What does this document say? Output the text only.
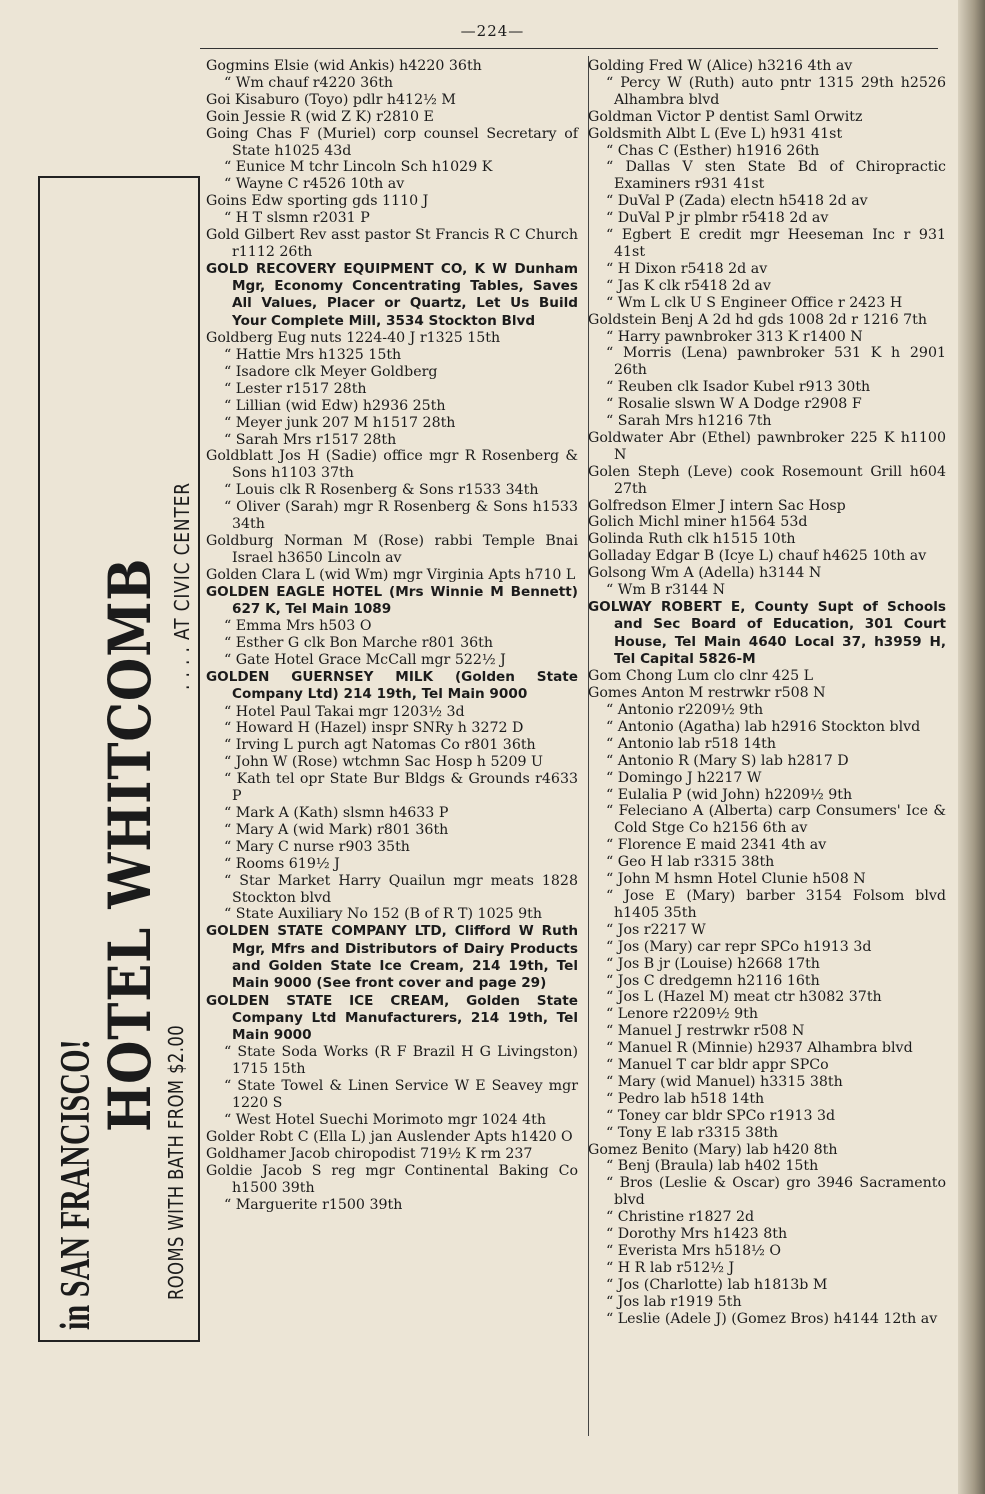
—224—
in SAN FRANCISCO!
HOTEL WHITCOMB
ROOMS WITH BATH FROM $2.00
. . . . AT CIVIC CENTER

Gogmins Elsie (wid Ankis) h4220 36th

“ Wm chauf r4220 36th

Goi Kisaburo (Toyo) pdlr h412½ M

Goin Jessie R (wid Z K) r2810 E

Going Chas F (Muriel) corp counsel Secretary of State h1025 43d

“ Eunice M tchr Lincoln Sch h1029 K

“ Wayne C r4526 10th av

Goins Edw sporting gds 1110 J

“ H T slsmn r2031 P

Gold Gilbert Rev asst pastor St Francis R C Church r1112 26th

GOLD RECOVERY EQUIPMENT CO, K W Dunham Mgr, Economy Concentrating Tables, Saves All Values, Placer or Quartz, Let Us Build Your Complete Mill, 3534 Stockton Blvd

Goldberg Eug nuts 1224-40 J r1325 15th

“ Hattie Mrs h1325 15th

“ Isadore clk Meyer Goldberg

“ Lester r1517 28th

“ Lillian (wid Edw) h2936 25th

“ Meyer junk 207 M h1517 28th

“ Sarah Mrs r1517 28th

Goldblatt Jos H (Sadie) office mgr R Rosenberg & Sons h1103 37th

“ Louis clk R Rosenberg & Sons r1533 34th

“ Oliver (Sarah) mgr R Rosenberg & Sons h1533 34th

Goldburg Norman M (Rose) rabbi Temple Bnai Israel h3650 Lincoln av

Golden Clara L (wid Wm) mgr Virginia Apts h710 L

GOLDEN EAGLE HOTEL (Mrs Winnie M Bennett) 627 K, Tel Main 1089

“ Emma Mrs h503 O

“ Esther G clk Bon Marche r801 36th

“ Gate Hotel Grace McCall mgr 522½ J

GOLDEN GUERNSEY MILK (Golden State Company Ltd) 214 19th, Tel Main 9000

“ Hotel Paul Takai mgr 1203½ 3d

“ Howard H (Hazel) inspr SNRy h 3272 D

“ Irving L purch agt Natomas Co r801 36th

“ John W (Rose) wtchmn Sac Hosp h 5209 U

“ Kath tel opr State Bur Bldgs & Grounds r4633 P

“ Mark A (Kath) slsmn h4633 P

“ Mary A (wid Mark) r801 36th

“ Mary C nurse r903 35th

“ Rooms 619½ J

“ Star Market Harry Quailun mgr meats 1828 Stockton blvd

“ State Auxiliary No 152 (B of R T) 1025 9th

GOLDEN STATE COMPANY LTD, Clifford W Ruth Mgr, Mfrs and Distributors of Dairy Products and Golden State Ice Cream, 214 19th, Tel Main 9000 (See front cover and page 29)

GOLDEN STATE ICE CREAM, Golden State Company Ltd Manufacturers, 214 19th, Tel Main 9000

“ State Soda Works (R F Brazil H G Livingston) 1715 15th

“ State Towel & Linen Service W E Seavey mgr 1220 S

“ West Hotel Suechi Morimoto mgr 1024 4th

Golder Robt C (Ella L) jan Auslender Apts h1420 O

Goldhamer Jacob chiropodist 719½ K rm 237

Goldie Jacob S reg mgr Continental Baking Co h1500 39th

“ Marguerite r1500 39th

Golding Fred W (Alice) h3216 4th av

“ Percy W (Ruth) auto pntr 1315 29th h2526 Alhambra blvd

Goldman Victor P dentist Saml Orwitz

Goldsmith Albt L (Eve L) h931 41st

“ Chas C (Esther) h1916 26th

“ Dallas V sten State Bd of Chiropractic Examiners r931 41st

“ DuVal P (Zada) electn h5418 2d av

“ DuVal P jr plmbr r5418 2d av

“ Egbert E credit mgr Heeseman Inc r 931 41st

“ H Dixon r5418 2d av

“ Jas K clk r5418 2d av

“ Wm L clk U S Engineer Office r 2423 H

Goldstein Benj A 2d hd gds 1008 2d r 1216 7th

“ Harry pawnbroker 313 K r1400 N

“ Morris (Lena) pawnbroker 531 K h 2901 26th

“ Reuben clk Isador Kubel r913 30th

“ Rosalie slswn W A Dodge r2908 F

“ Sarah Mrs h1216 7th

Goldwater Abr (Ethel) pawnbroker 225 K h1100 N

Golen Steph (Leve) cook Rosemount Grill h604 27th

Golfredson Elmer J intern Sac Hosp

Golich Michl miner h1564 53d

Golinda Ruth clk h1515 10th

Golladay Edgar B (Icye L) chauf h4625 10th av

Golsong Wm A (Adella) h3144 N

“ Wm B r3144 N

GOLWAY ROBERT E, County Supt of Schools and Sec Board of Education, 301 Court House, Tel Main 4640 Local 37, h3959 H, Tel Capital 5826-M

Gom Chong Lum clo clnr 425 L

Gomes Anton M restrwkr r508 N

“ Antonio r2209½ 9th

“ Antonio (Agatha) lab h2916 Stockton blvd

“ Antonio lab r518 14th

“ Antonio R (Mary S) lab h2817 D

“ Domingo J h2217 W

“ Eulalia P (wid John) h2209½ 9th

“ Feleciano A (Alberta) carp Consumers' Ice & Cold Stge Co h2156 6th av

“ Florence E maid 2341 4th av

“ Geo H lab r3315 38th

“ John M hsmn Hotel Clunie h508 N

“ Jose E (Mary) barber 3154 Folsom blvd h1405 35th

“ Jos r2217 W

“ Jos (Mary) car repr SPCo h1913 3d

“ Jos B jr (Louise) h2668 17th

“ Jos C dredgemn h2116 16th

“ Jos L (Hazel M) meat ctr h3082 37th

“ Lenore r2209½ 9th

“ Manuel J restrwkr r508 N

“ Manuel R (Minnie) h2937 Alhambra blvd

“ Manuel T car bldr appr SPCo

“ Mary (wid Manuel) h3315 38th

“ Pedro lab h518 14th

“ Toney car bldr SPCo r1913 3d

“ Tony E lab r3315 38th

Gomez Benito (Mary) lab h420 8th

“ Benj (Braula) lab h402 15th

“ Bros (Leslie & Oscar) gro 3946 Sacramento blvd

“ Christine r1827 2d

“ Dorothy Mrs h1423 8th

“ Everista Mrs h518½ O

“ H R lab r512½ J

“ Jos (Charlotte) lab h1813b M

“ Jos lab r1919 5th

“ Leslie (Adele J) (Gomez Bros) h4144 12th av
